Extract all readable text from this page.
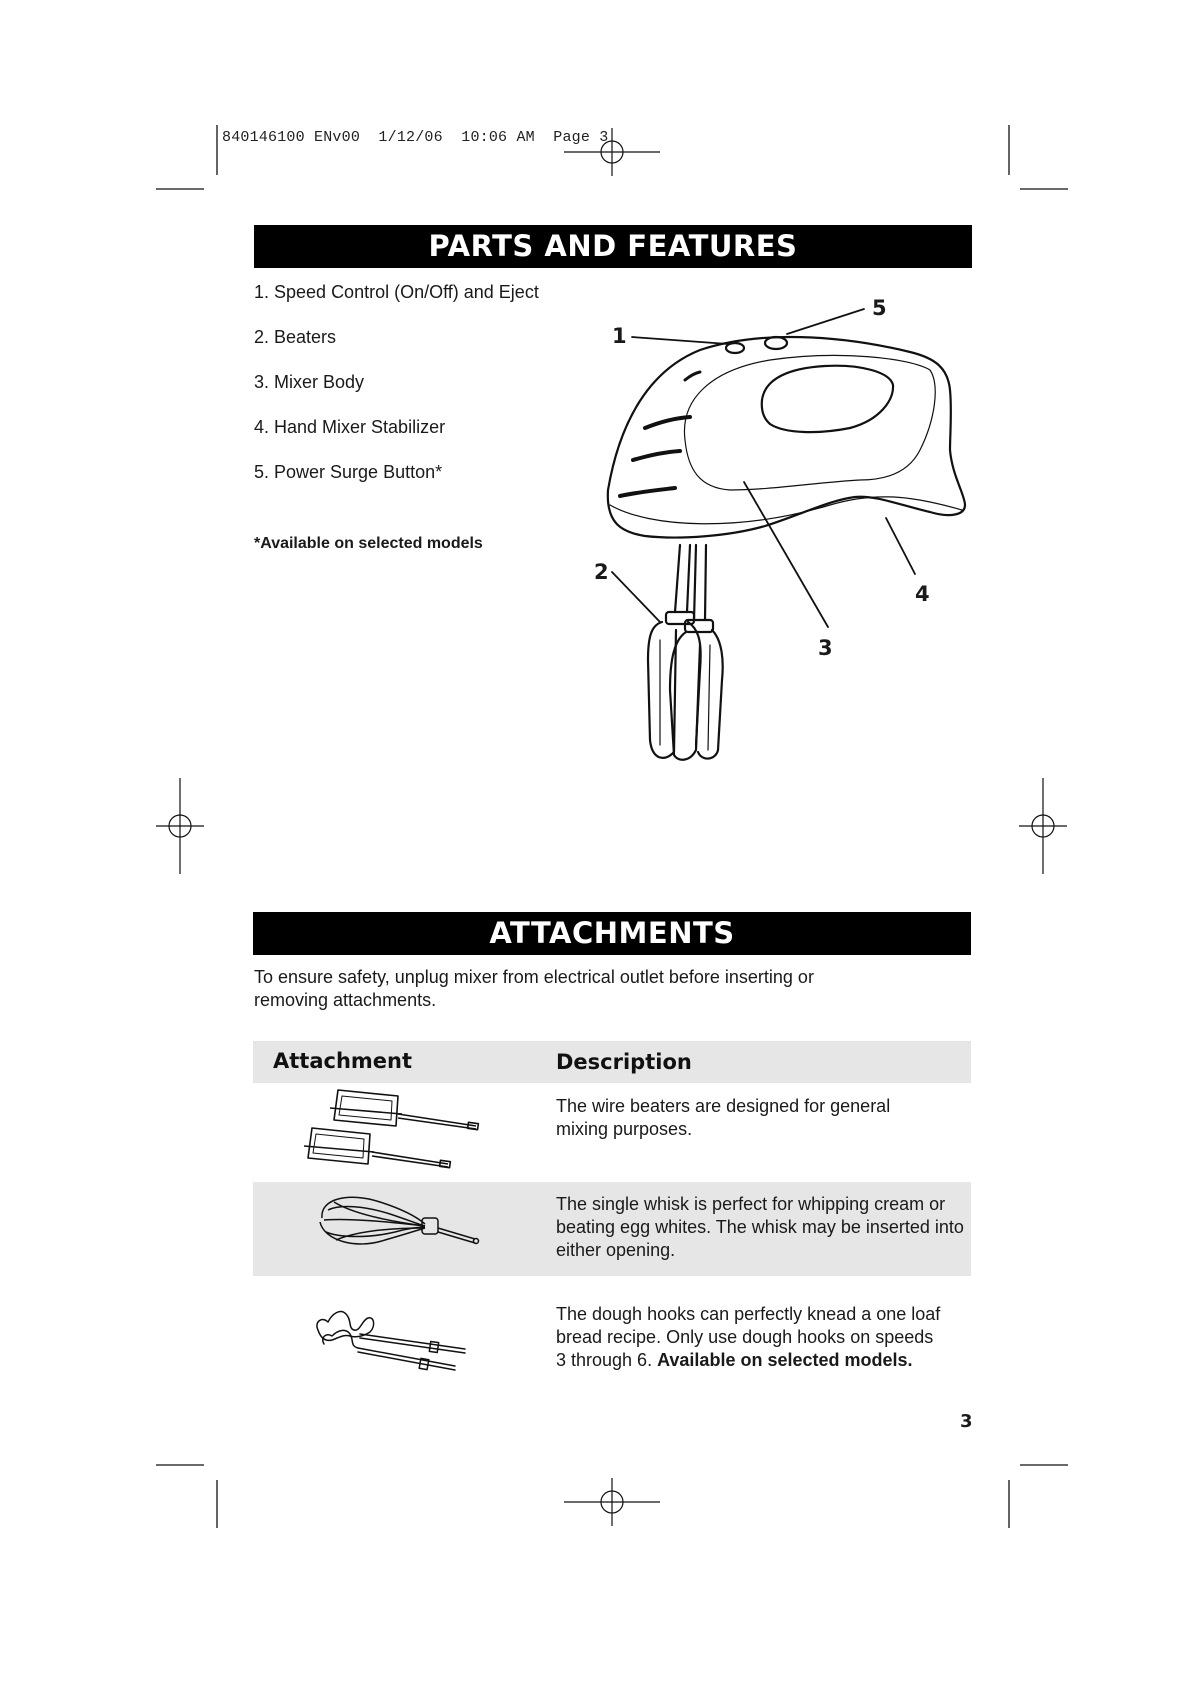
840146100 ENv00  1/12/06  10:06 AM  Page 3
PARTS AND FEATURES
1. Speed Control (On/Off) and Eject
2. Beaters
3. Mixer Body
4. Hand Mixer Stabilizer
5. Power Surge Button*
*Available on selected models
1
2
3
4
5
ATTACHMENTS
To ensure safety, unplug mixer from electrical outlet before inserting or
removing attachments.
Attachment	Description
The wire beaters are designed for general
mixing purposes.
The single whisk is perfect for whipping cream or
beating egg whites. The whisk may be inserted into
either opening.
The dough hooks can perfectly knead a one loaf
bread recipe. Only use dough hooks on speeds
3 through 6. Available on selected models.
3
